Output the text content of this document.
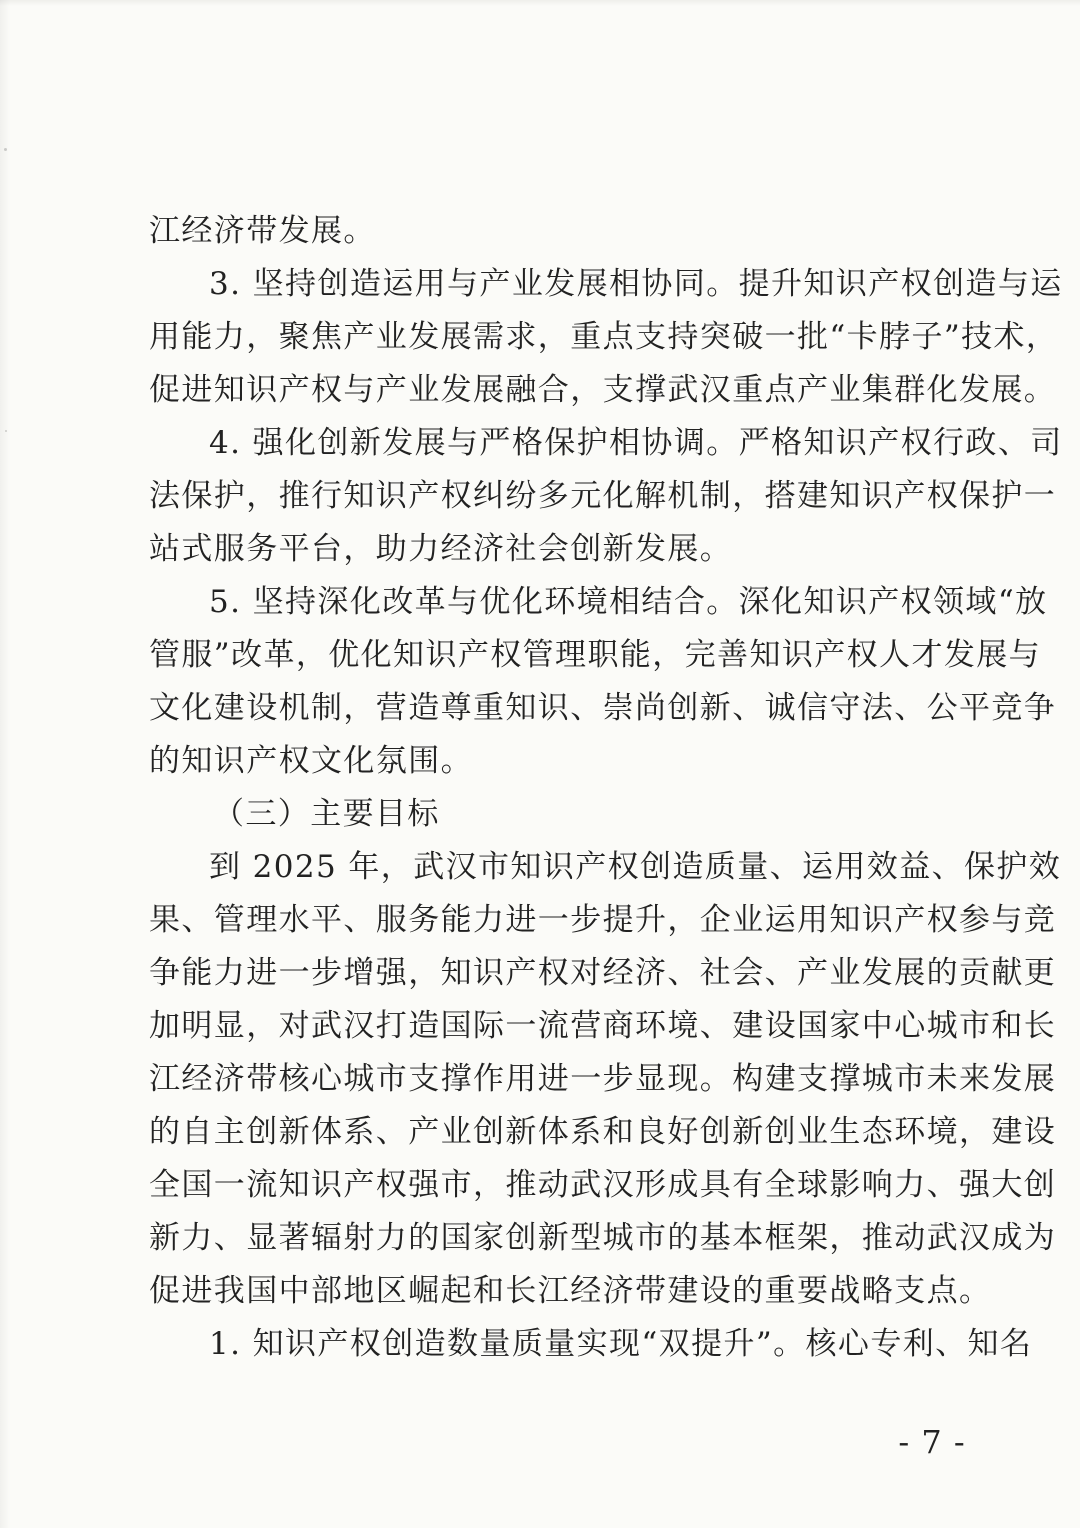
江经济带发展。
3. 坚持创造运用与产业发展相协同。提升知识产权创造与运
用能力，聚焦产业发展需求，重点支持突破一批“卡脖子”技术，
促进知识产权与产业发展融合，支撑武汉重点产业集群化发展。
4. 强化创新发展与严格保护相协调。严格知识产权行政、司
法保护，推行知识产权纠纷多元化解机制，搭建知识产权保护一
站式服务平台，助力经济社会创新发展。
5. 坚持深化改革与优化环境相结合。深化知识产权领域“放
管服”改革，优化知识产权管理职能，完善知识产权人才发展与
文化建设机制，营造尊重知识、崇尚创新、诚信守法、公平竞争
的知识产权文化氛围。
（三）主要目标
到 2025 年，武汉市知识产权创造质量、运用效益、保护效
果、管理水平、服务能力进一步提升，企业运用知识产权参与竞
争能力进一步增强，知识产权对经济、社会、产业发展的贡献更
加明显，对武汉打造国际一流营商环境、建设国家中心城市和长
江经济带核心城市支撑作用进一步显现。构建支撑城市未来发展
的自主创新体系、产业创新体系和良好创新创业生态环境，建设
全国一流知识产权强市，推动武汉形成具有全球影响力、强大创
新力、显著辐射力的国家创新型城市的基本框架，推动武汉成为
促进我国中部地区崛起和长江经济带建设的重要战略支点。
1. 知识产权创造数量质量实现“双提升”。核心专利、知名
- 7 -
